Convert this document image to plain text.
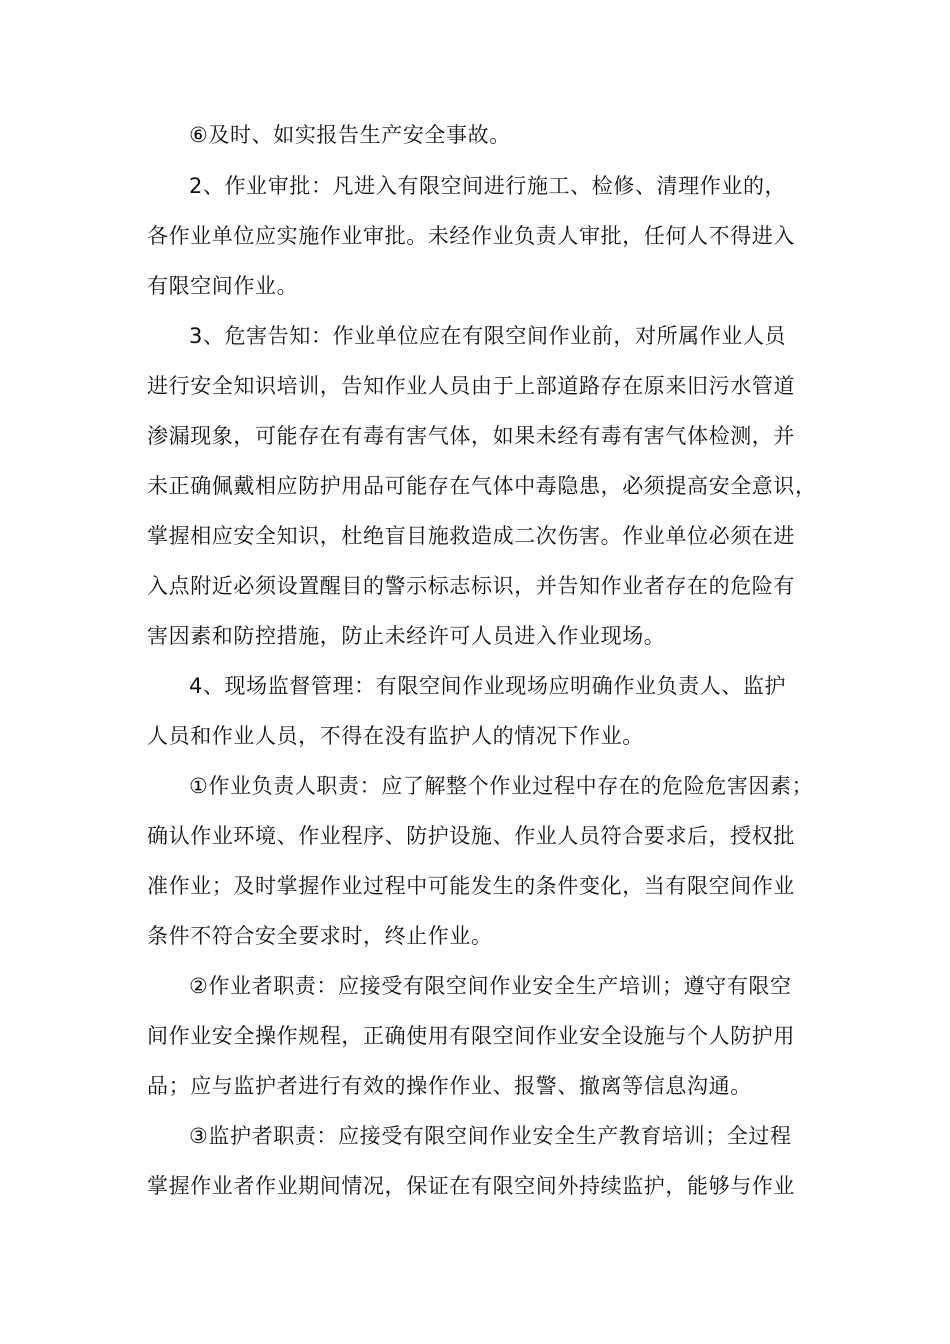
⑥及时、如实报告生产安全事故。
2、作业审批：凡进入有限空间进行施工、检修、清理作业的，
各作业单位应实施作业审批。未经作业负责人审批，任何人不得进入
有限空间作业。
3、危害告知：作业单位应在有限空间作业前，对所属作业人员
进行安全知识培训，告知作业人员由于上部道路存在原来旧污水管道
渗漏现象，可能存在有毒有害气体，如果未经有毒有害气体检测，并
未正确佩戴相应防护用品可能存在气体中毒隐患，必须提高安全意识，
掌握相应安全知识，杜绝盲目施救造成二次伤害。作业单位必须在进
入点附近必须设置醒目的警示标志标识，并告知作业者存在的危险有
害因素和防控措施，防止未经许可人员进入作业现场。
4、现场监督管理：有限空间作业现场应明确作业负责人、监护
人员和作业人员，不得在没有监护人的情况下作业。
①作业负责人职责：应了解整个作业过程中存在的危险危害因素；
确认作业环境、作业程序、防护设施、作业人员符合要求后，授权批
准作业；及时掌握作业过程中可能发生的条件变化，当有限空间作业
条件不符合安全要求时，终止作业。
②作业者职责：应接受有限空间作业安全生产培训；遵守有限空
间作业安全操作规程，正确使用有限空间作业安全设施与个人防护用
品；应与监护者进行有效的操作作业、报警、撤离等信息沟通。
③监护者职责：应接受有限空间作业安全生产教育培训；全过程
掌握作业者作业期间情况，保证在有限空间外持续监护，能够与作业
